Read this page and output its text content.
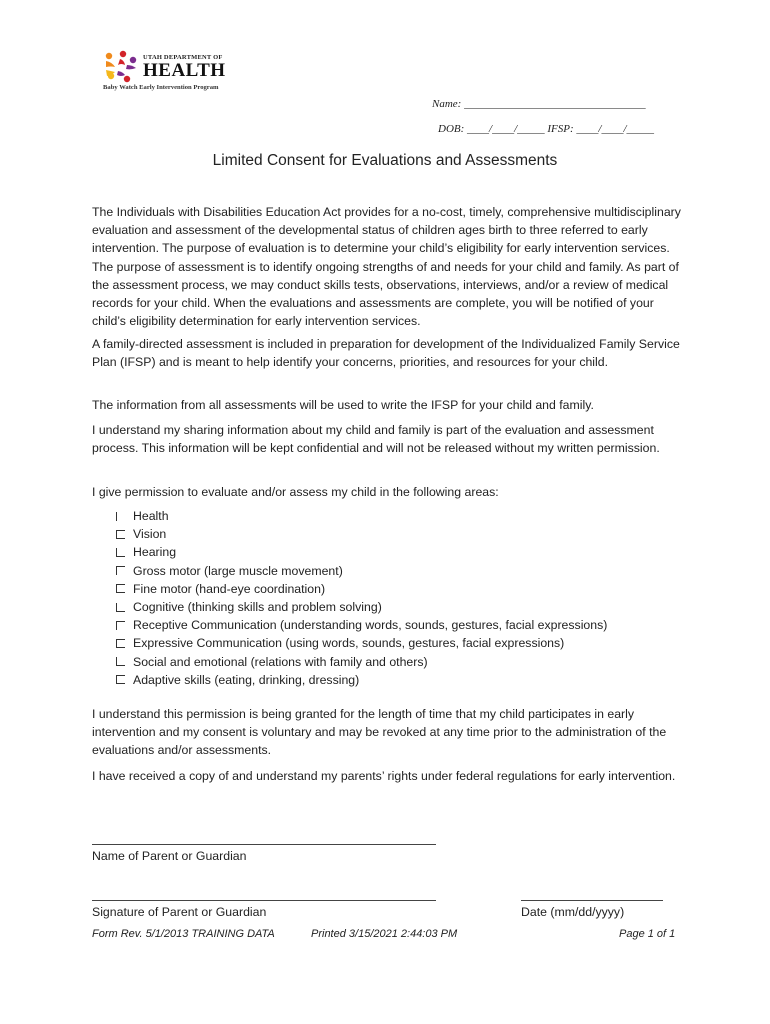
UTAH DEPARTMENT OF
HEALTH
Baby Watch Early Intervention Program
Name: _________________________________
DOB: ____/____/_____ IFSP: ____/____/_____
Limited Consent for Evaluations and Assessments
The Individuals with Disabilities Education Act provides for a no-cost, timely, comprehensive multidisciplinary evaluation and assessment of the developmental status of children ages birth to three referred to early intervention. The purpose of evaluation is to determine your child’s eligibility for early intervention services. The purpose of assessment is to identify ongoing strengths of and needs for your child and family. As part of the assessment process, we may conduct skills tests, observations, interviews, and/or a review of medical records for your child. When the evaluations and assessments are complete, you will be notified of your child’s eligibility determination for early intervention services.
A family-directed assessment is included in preparation for development of the Individualized Family Service Plan (IFSP) and is meant to help identify your concerns, priorities, and resources for your child.
The information from all assessments will be used to write the IFSP for your child and family.
I understand my sharing information about my child and family is part of the evaluation and assessment process. This information will be kept confidential and will not be released without my written permission.
I give permission to evaluate and/or assess my child in the following areas:
Health
Vision
Hearing
Gross motor (large muscle movement)
Fine motor (hand-eye coordination)
Cognitive (thinking skills and problem solving)
Receptive Communication (understanding words, sounds, gestures, facial expressions)
Expressive Communication (using words, sounds, gestures, facial expressions)
Social and emotional (relations with family and others)
Adaptive skills (eating, drinking, dressing)
I understand this permission is being granted for the length of time that my child participates in early intervention and my consent is voluntary and may be revoked at any time prior to the administration of the evaluations and/or assessments.
I have received a copy of and understand my parents’ rights under federal regulations for early intervention.
Name of Parent or Guardian
Signature of Parent or Guardian	Date (mm/dd/yyyy)
Form Rev. 5/1/2013 TRAINING DATA	Printed 3/15/2021 2:44:03 PM	Page 1 of 1
